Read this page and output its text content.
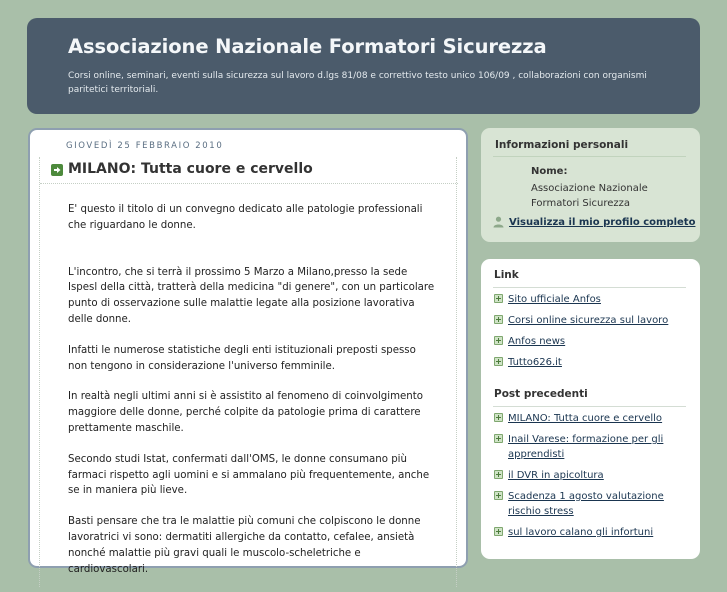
Associazione Nazionale Formatori Sicurezza
Corsi online, seminari, eventi sulla sicurezza sul lavoro d.lgs 81/08 e correttivo testo unico 106/09 , collaborazioni con organismi paritetici territoriali.
GIOVEDÌ 25 FEBBRAIO 2010
MILANO: Tutta cuore e cervello

E' questo il titolo di un convegno dedicato alle patologie professionali che riguardano le donne.

L'incontro, che si terrà il prossimo 5 Marzo a Milano,presso la sede Ispesl della città, tratterà della medicina "di genere", con un particolare punto di osservazione sulle malattie legate alla posizione lavorativa delle donne.

Infatti le numerose statistiche degli enti istituzionali preposti spesso non tengono in considerazione l'universo femminile.

In realtà negli ultimi anni si è assistito al fenomeno di coinvolgimento maggiore delle donne, perché colpite da patologie prima di carattere prettamente maschile.

Secondo studi Istat, confermati dall'OMS, le donne consumano più farmaci rispetto agli uomini e si ammalano più frequentemente, anche se in maniera più lieve.

Basti pensare che tra le malattie più comuni che colpiscono le donne lavoratrici vi sono: dermatiti allergiche da contatto, cefalee, ansietà nonché malattie più gravi quali le muscolo-scheletriche e cardiovascolari.

Informazioni personali
Nome:
Associazione Nazionale Formatori Sicurezza
Visualizza il mio profilo completo
Link
Sito ufficiale Anfos
Corsi online sicurezza sul lavoro
Anfos news
Tutto626.it
Post precedenti
MILANO: Tutta cuore e cervello
Inail Varese: formazione per gli apprendisti
il DVR in apicoltura
Scadenza 1 agosto valutazione rischio stress
sul lavoro calano gli infortuni
